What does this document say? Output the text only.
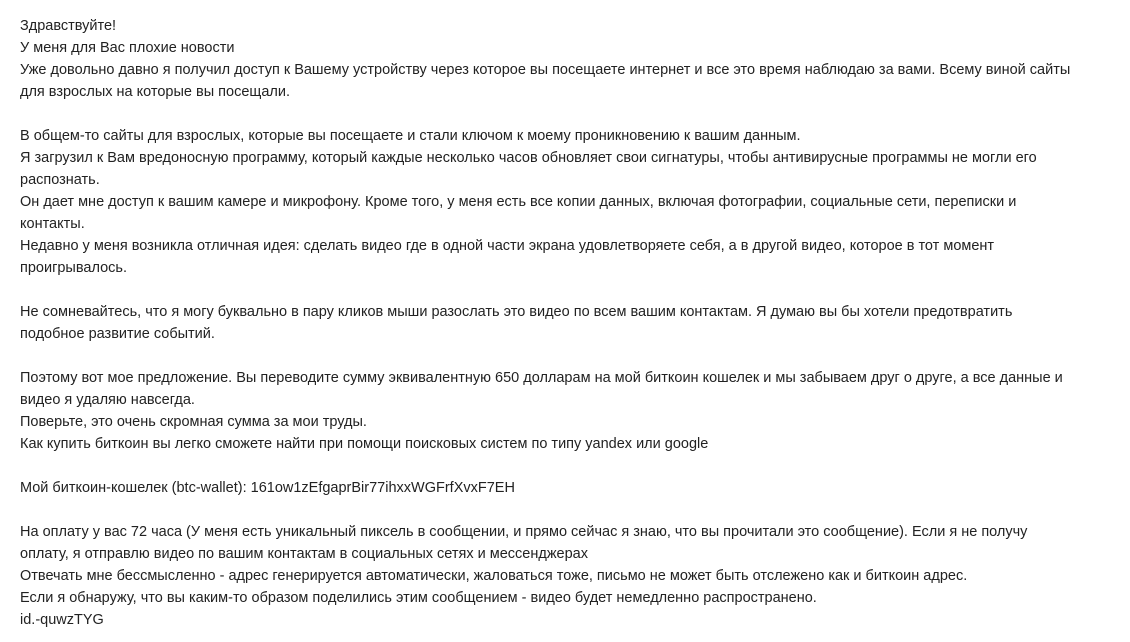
Здравствуйте!
У меня для Вас плохие новости
Уже довольно давно я получил доступ к Вашему устройству через которое вы посещаете интернет и все это время наблюдаю за вами. Всему виной сайты
для взрослых на которые вы посещали.
В общем-то сайты для взрослых, которые вы посещаете и стали ключом к моему проникновению к вашим данным.
Я загрузил к Вам вредоносную программу, который каждые несколько часов обновляет свои сигнатуры, чтобы антивирусные программы не могли его
распознать.
Он дает мне доступ к вашим камере и микрофону. Кроме того, у меня есть все копии данных, включая фотографии, социальные сети, переписки и
контакты.
Недавно у меня возникла отличная идея: сделать видео где в одной части экрана удовлетворяете себя, а в другой видео, которое в тот момент
проигрывалось.
Не сомневайтесь, что я могу буквально в пару кликов мыши разослать это видео по всем вашим контактам. Я думаю вы бы хотели предотвратить
подобное развитие событий.
Поэтому вот мое предложение. Вы переводите сумму эквивалентную 650 долларам на мой биткоин кошелек и мы забываем друг о друге, а все данные и
видео я удаляю навсегда.
Поверьте, это очень скромная сумма за мои труды.
Как купить биткоин вы легко сможете найти при помощи поисковых систем по типу yandex или google
Мой биткоин-кошелек (btc-wallet): 161ow1zEfgaprBir77ihxxWGFrfXvxF7EH
На оплату у вас 72 часа (У меня есть уникальный пиксель в сообщении, и прямо сейчас я знаю, что вы прочитали это сообщение). Если я не получу
оплату, я отправлю видео по вашим контактам в социальных сетях и мессенджерах
Отвечать мне бессмысленно - адрес генерируется автоматически, жаловаться тоже, письмо не может быть отслежено как и биткоин адрес.
Если я обнаружу, что вы каким-то образом поделились этим сообщением - видео будет немедленно распространено.
id.-quwzTYG
